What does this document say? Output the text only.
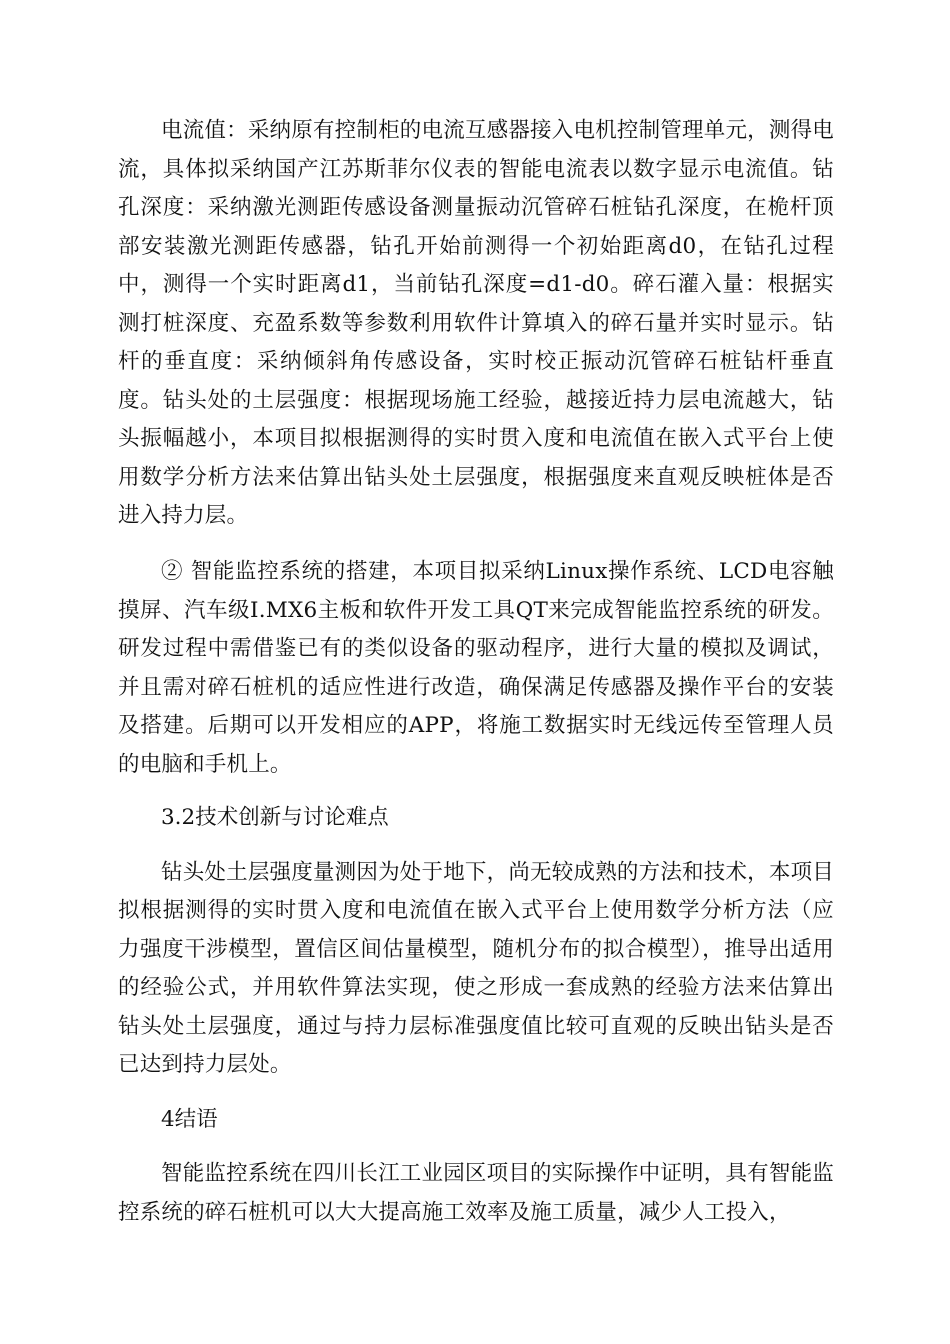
电流值：采纳原有控制柜的电流互感器接入电机控制管理单元，测得电流，具体拟采纳国产江苏斯菲尔仪表的智能电流表以数字显示电流值。钻孔深度：采纳激光测距传感设备测量振动沉管碎石桩钻孔深度，在桅杆顶部安装激光测距传感器，钻孔开始前测得一个初始距离d0，在钻孔过程中，测得一个实时距离d1，当前钻孔深度=d1-d0。碎石灌入量：根据实测打桩深度、充盈系数等参数利用软件计算填入的碎石量并实时显示。钻杆的垂直度：采纳倾斜角传感设备，实时校正振动沉管碎石桩钻杆垂直度。钻头处的土层强度：根据现场施工经验，越接近持力层电流越大，钻头振幅越小，本项目拟根据测得的实时贯入度和电流值在嵌入式平台上使用数学分析方法来估算出钻头处土层强度，根据强度来直观反映桩体是否进入持力层。

② 智能监控系统的搭建，本项目拟采纳Linux操作系统、LCD电容触摸屏、汽车级I.MX6主板和软件开发工具QT来完成智能监控系统的研发。研发过程中需借鉴已有的类似设备的驱动程序，进行大量的模拟及调试，并且需对碎石桩机的适应性进行改造，确保满足传感器及操作平台的安装及搭建。后期可以开发相应的APP，将施工数据实时无线远传至管理人员的电脑和手机上。

3.2技术创新与讨论难点

钻头处土层强度量测因为处于地下，尚无较成熟的方法和技术，本项目拟根据测得的实时贯入度和电流值在嵌入式平台上使用数学分析方法（应力强度干涉模型，置信区间估量模型，随机分布的拟合模型），推导出适用的经验公式，并用软件算法实现，使之形成一套成熟的经验方法来估算出钻头处土层强度，通过与持力层标准强度值比较可直观的反映出钻头是否已达到持力层处。

4结语

智能监控系统在四川长江工业园区项目的实际操作中证明，具有智能监控系统的碎石桩机可以大大提高施工效率及施工质量，减少人工投入，
